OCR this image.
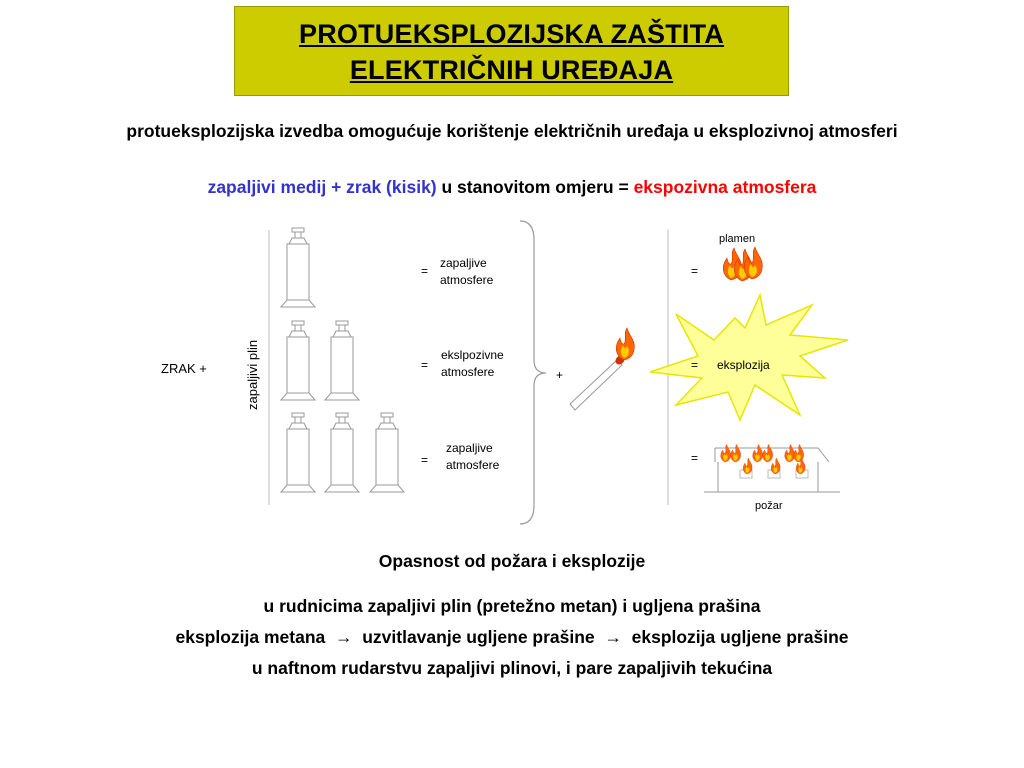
PROTUEKSPLOZIJSKA ZAŠTITA
ELEKTRIČNIH UREĐAJA
protueksplozijska izvedba omogućuje korištenje električnih uređaja u eksplozivnoj atmosferi
zapaljivi medij + zrak (kisik) u stanovitom omjeru = ekspozivna atmosfera
ZRAK +	zapaljivi plin
=
=
=
zapaljive
atmosfere
ekslpozivne
atmosfere
zapaljive
atmosfere
+
plamen
=
= eksplozija
=
požar
Opasnost od požara i eksplozije
u rudnicima zapaljivi plin (pretežno metan) i ugljena prašina
eksplozija metana  →  uzvitlavanje ugljene prašine  →  eksplozija ugljene prašine
u naftnom rudarstvu zapaljivi plinovi, i pare zapaljivih tekućina
